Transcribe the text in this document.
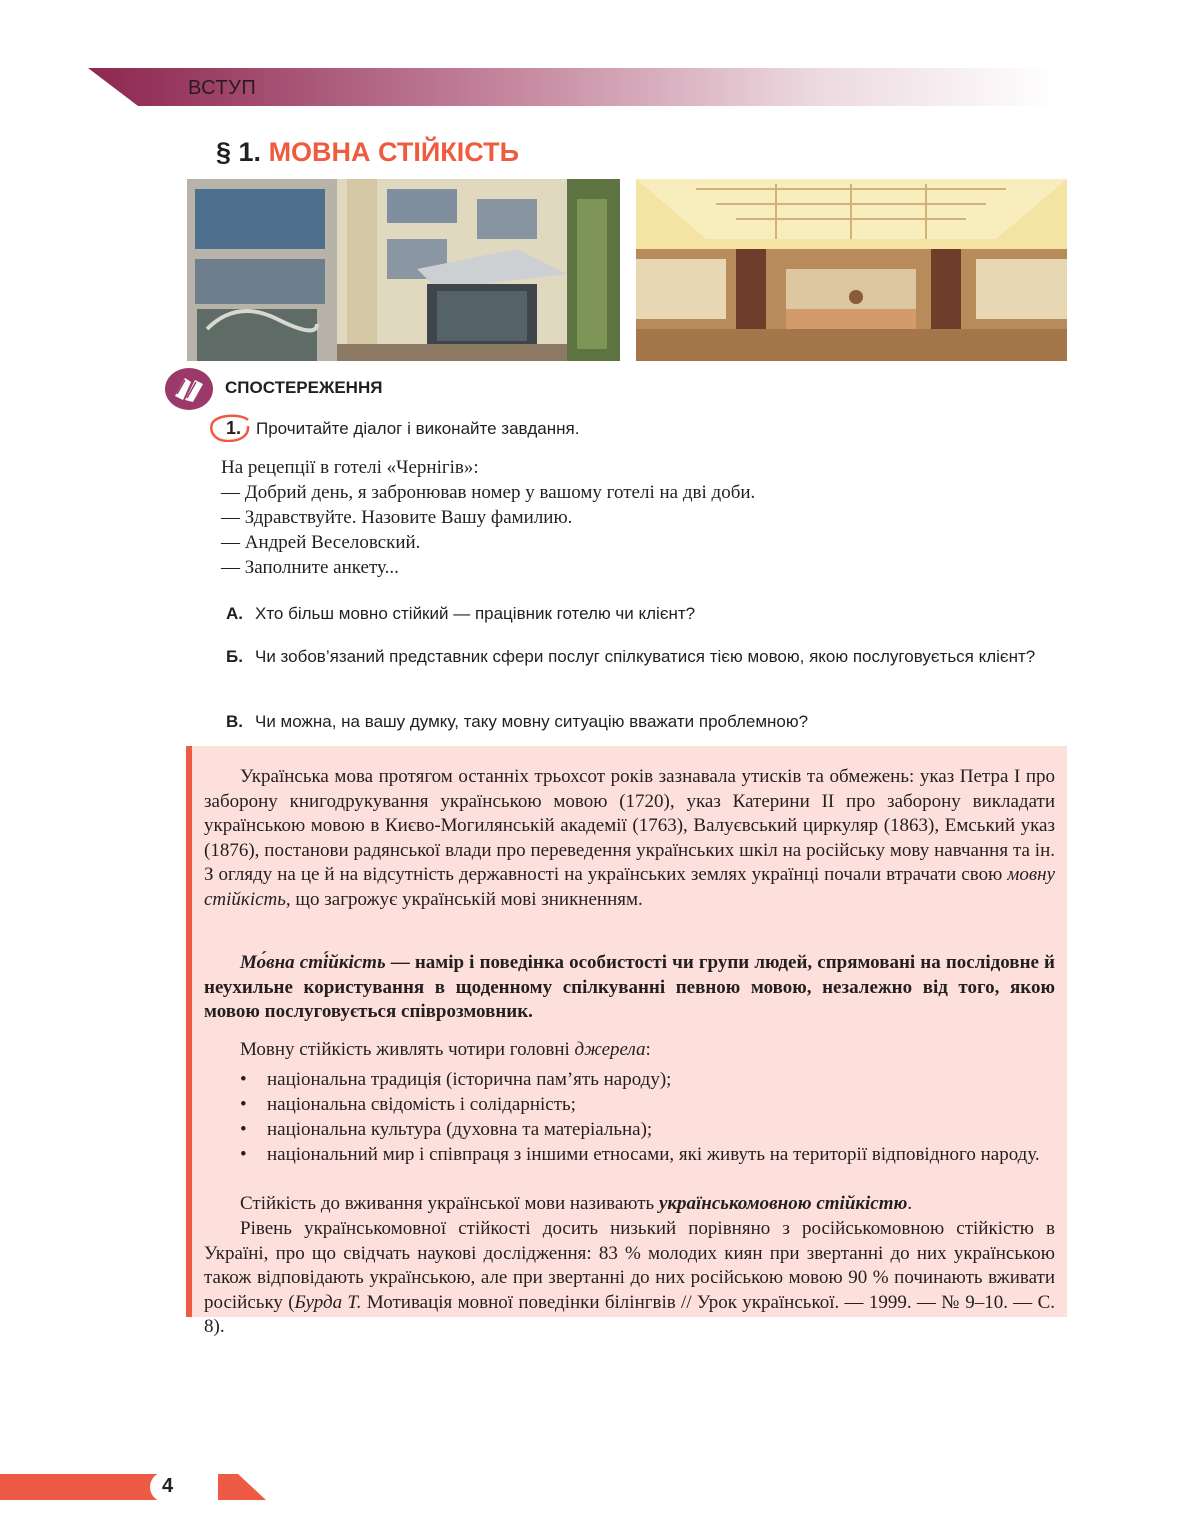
ВСТУП
§ 1. МОВНА СТІЙКІСТЬ
СПОСТЕРЕЖЕННЯ
1. Прочитайте діалог і виконайте завдання.
На рецепції в готелі «Чернігів»:
— Добрий день, я забронював номер у вашому готелі на дві доби.
— Здравствуйте. Назовите Вашу фамилию.
— Андрей Веселовский.
— Заполните анкету...
А. Хто більш мовно стійкий — працівник готелю чи клієнт?
Б. Чи зобов’язаний представник сфери послуг спілкуватися тією мовою, якою послуговується клієнт?
В. Чи можна, на вашу думку, таку мовну ситуацію вважати проблемною?
Українська мова протягом останніх трьохсот років зазнавала утисків та обмежень: указ Петра І про заборону книгодрукування українською мовою (1720), указ Катерини ІІ про заборону викладати українською мовою в Києво-Могилянській академії (1763), Валуєвський циркуляр (1863), Емський указ (1876), постанови радянської влади про переведення українських шкіл на російську мову навчання та ін. З огляду на це й на відсутність державності на українських землях українці почали втрачати свою мовну стійкість, що загрожує українській мові зникненням.
Мо́вна сті́йкість — намір і поведінка особистості чи групи людей, спрямовані на послідовне й неухильне користування в щоденному спілкуванні певною мовою, незалежно від того, якою мовою послуговується співрозмовник.
Мовну стійкість живлять чотири головні джерела:
• національна традиція (історична пам’ять народу);
• національна свідомість і солідарність;
• національна культура (духовна та матеріальна);
• національний мир і співпраця з іншими етносами, які живуть на території відповідного народу.
Стійкість до вживання української мови називають українськомовною стійкістю.
Рівень українськомовної стійкості досить низький порівняно з російськомовною стійкістю в Україні, про що свідчать наукові дослідження: 83 % молодих киян при звертанні до них українською також відповідають українською, але при звертанні до них російською мовою 90 % починають вживати російську (Бурда Т. Мотивація мовної поведінки білінгвів // Урок української. — 1999. — № 9–10. — С. 8).
4
